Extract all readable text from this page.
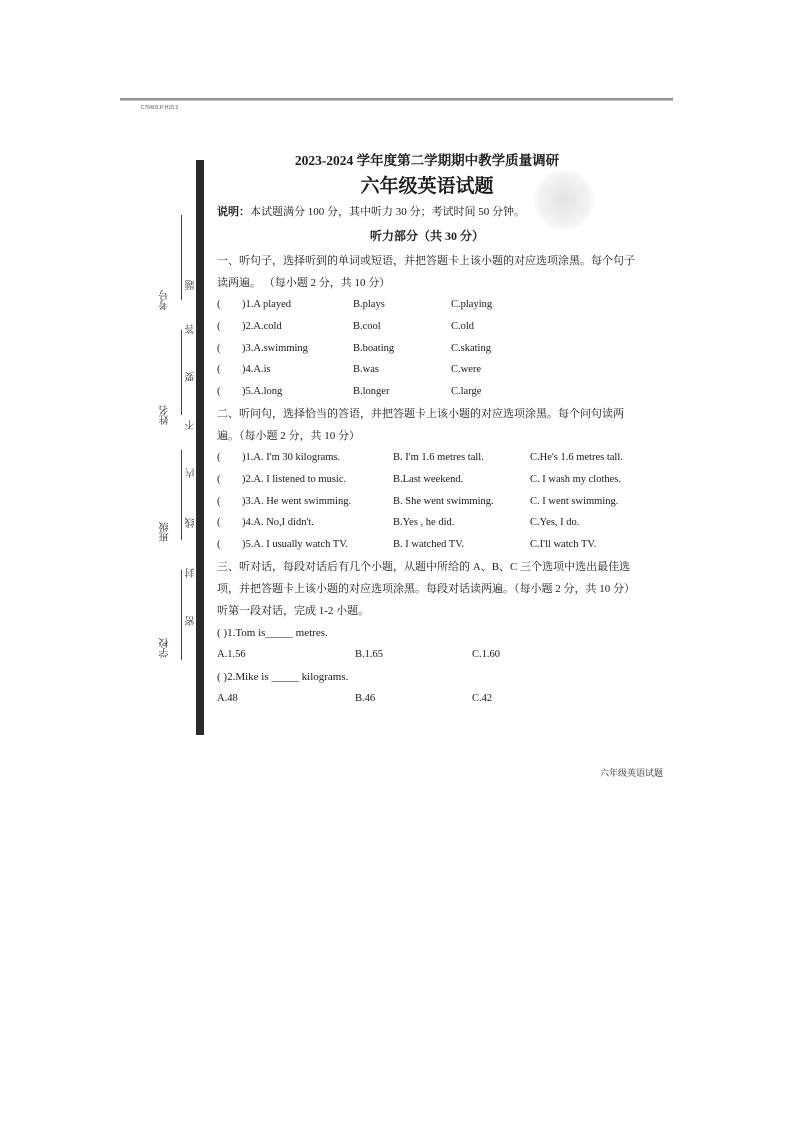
C70403.P-H16.5
考号
姓名
班级
学校
题
答
要
不
内
线
封
密
2023-2024 学年度第二学期期中教学质量调研
六年级英语试题
说明：本试题满分 100 分，其中听力 30 分；考试时间 50 分钟。
听力部分（共 30 分）
一、听句子，选择听到的单词或短语，并把答题卡上该小题的对应选项涂黑。每个句子读两遍。 （每小题 2 分，共 10 分）
( )1.A played	B.plays	C.playing
( )2.A.cold	B.cool	C.old
( )3.A.swimming	B.boating	C.skating
( )4.A.is	B.was	C.were
( )5.A.long	B.longer	C.large
二、听问句，选择恰当的答语，并把答题卡上该小题的对应选项涂黑。每个问句读两遍。（每小题 2 分，共 10 分）
( )1.A. I'm 30 kilograms.	B. I'm 1.6 metres tall.	C.He's 1.6 metres tall.
( )2.A. I listened to music.	B.Last weekend.	C. I wash my clothes.
( )3.A. He went swimming.	B. She went swimming.	C. I went swimming.
( )4.A. No,I didn't.	B.Yes , he did.	C.Yes, I do.
( )5.A. I usually watch TV.	B. I watched TV.	C.I'll watch TV.
三、听对话，每段对话后有几个小题，从题中所给的 A、B、C 三个选项中选出最佳选项，并把答题卡上该小题的对应选项涂黑。每段对话读两遍。（每小题 2 分，共 10 分）
听第一段对话，完成 1-2 小题。
( )1.Tom is_____ metres.
A.1.56	B.1.65	C.1.60
( )2.Mike is _____ kilograms.
A.48	B.46	C.42
六年级英语试题
